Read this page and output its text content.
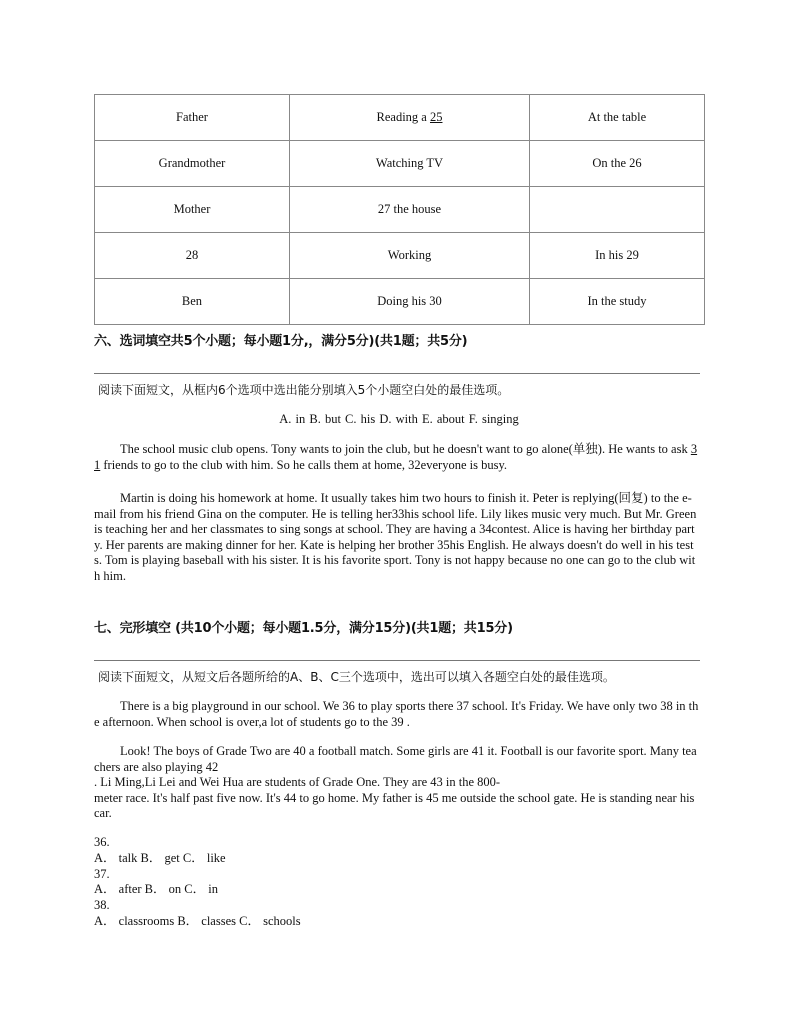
Father	Reading a 25	At the table
Grandmother	Watching TV	On the 26
Mother	27 the house	
28	Working	In his 29
Ben	Doing his 30	In the study
六、选词填空共5个小题；每小题1分,，满分5分)(共1题；共5分)
阅读下面短文，从框内6个选项中选出能分别填入5个小题空白处的最佳选项。
A. in B. but C. his D. with E. about F. singing
The school music club opens. Tony wants to join the club, but he doesn't want to go alone(单独). He wants to ask 31 friends to go to the club with him. So he calls them at home, 32everyone is busy.
Martin is doing his homework at home. It usually takes him two hours to finish it. Peter is replying(回复) to the e-
mail from his friend Gina on the computer. He is telling her33his school life. Lily likes music very much. But Mr. Green is teaching her and her classmates to sing songs at school. They are having a 34contest. Alice is having her birthday party. Her parents are making dinner for her. Kate is helping her brother 35his English. He always doesn't do well in his tests. Tom is playing baseball with his sister. It is his favorite sport. Tony is not happy because no one can go to the club with him.
七、完形填空 (共10个小题；每小题1.5分，满分15分)(共1题；共15分)
阅读下面短文，从短文后各题所给的A、B、C三个选项中，选出可以填入各题空白处的最佳选项。
There is a big playground in our school. We 36 to play sports there 37 school. It's Friday. We have only two 38 in the afternoon. When school is over,a lot of students go to the 39 .
Look! The boys of Grade Two are 40 a football match. Some girls are 41 it. Football is our favorite sport. Many teachers are also playing 42
. Li Ming,Li Lei and Wei Hua are students of Grade One. They are 43 in the 800-
meter race. It's half past five now. It's 44 to go home. My father is 45 me outside the school gate. He is standing near his car.
36.
A． talk B． get C． like
37.
A． after B． on C． in
38.
A． classrooms B． classes C． schools
